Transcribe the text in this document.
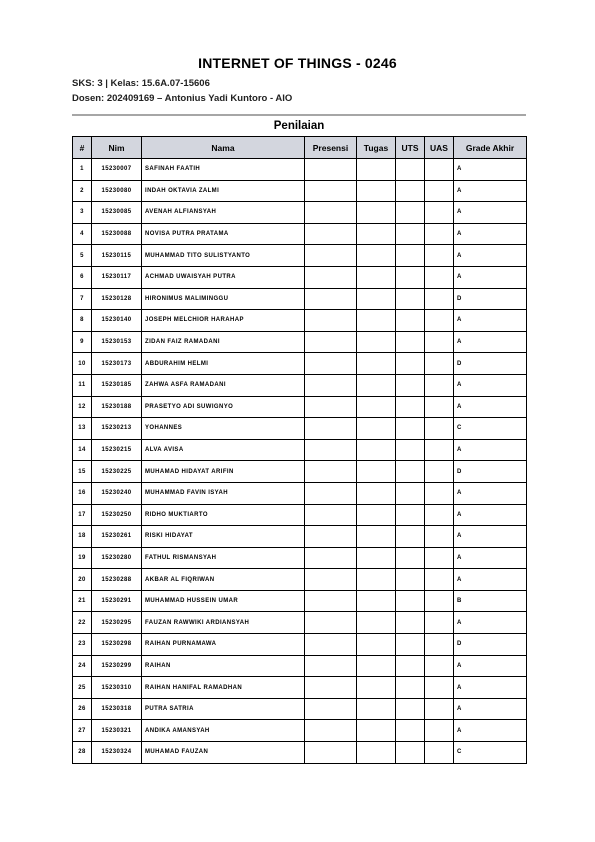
INTERNET OF THINGS - 0246
SKS: 3 | Kelas: 15.6A.07-15606
Dosen: 202409169 – Antonius Yadi Kuntoro - AIO
Penilaian
#	Nim	Nama	Presensi	Tugas	UTS	UAS	Grade Akhir
1	15230007	SAFINAH FAATIH					A
2	15230080	INDAH OKTAVIA ZALMI					A
3	15230085	AVENAH ALFIANSYAH					A
4	15230088	NOVISA PUTRA PRATAMA					A
5	15230115	MUHAMMAD TITO SULISTYANTO					A
6	15230117	ACHMAD UWAISYAH PUTRA					A
7	15230128	HIRONIMUS MALIMINGGU					D
8	15230140	JOSEPH MELCHIOR HARAHAP					A
9	15230153	ZIDAN FAIZ RAMADANI					A
10	15230173	ABDURAHIM HELMI					D
11	15230185	ZAHWA ASFA RAMADANI					A
12	15230188	PRASETYO ADI SUWIGNYO					A
13	15230213	YOHANNES					C
14	15230215	ALVA AVISA					A
15	15230225	MUHAMAD HIDAYAT ARIFIN					D
16	15230240	MUHAMMAD FAVIN ISYAH					A
17	15230250	RIDHO MUKTIARTO					A
18	15230261	RISKI HIDAYAT					A
19	15230280	FATHUL RISMANSYAH					A
20	15230288	AKBAR AL FIQRIWAN					A
21	15230291	MUHAMMAD HUSSEIN UMAR					B
22	15230295	FAUZAN RAWWIKI ARDIANSYAH					A
23	15230298	RAIHAN PURNAMAWA					D
24	15230299	RAIHAN					A
25	15230310	RAIHAN HANIFAL RAMADHAN					A
26	15230318	PUTRA SATRIA					A
27	15230321	ANDIKA AMANSYAH					A
28	15230324	MUHAMAD FAUZAN					C
